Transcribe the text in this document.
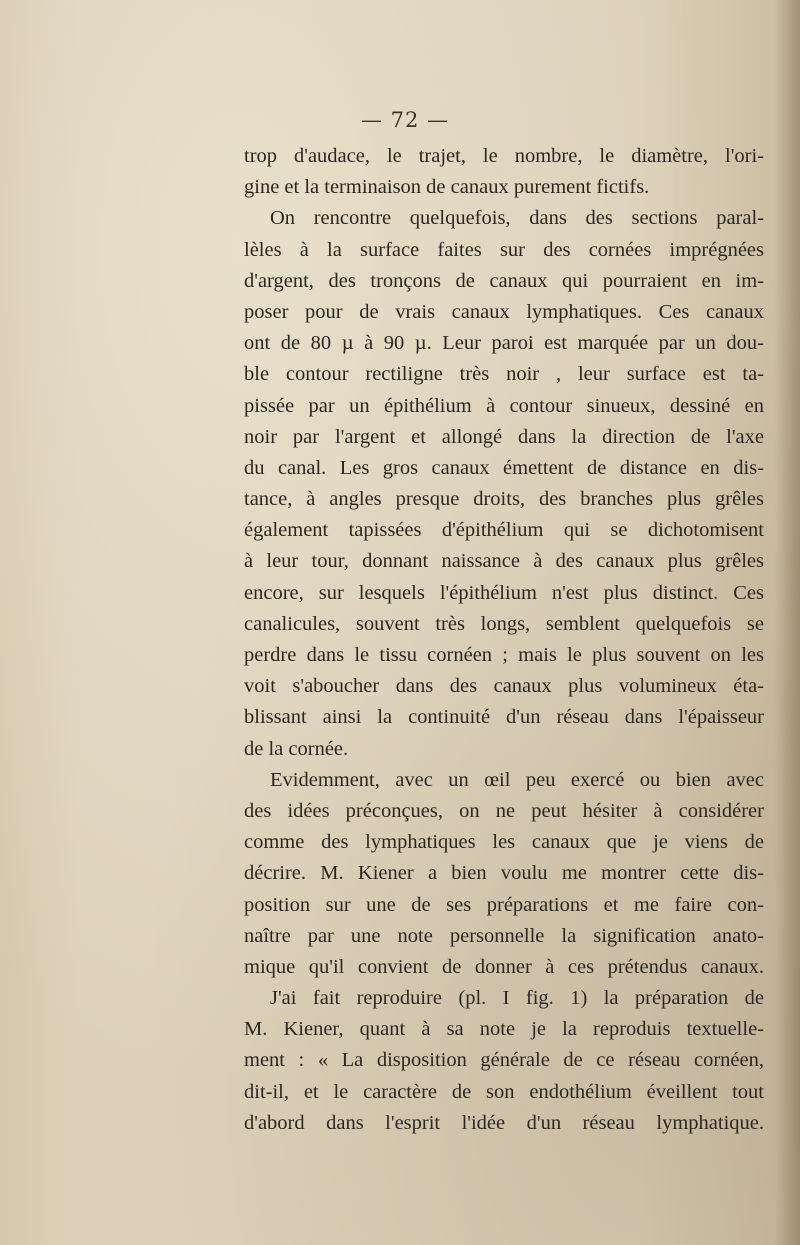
— 72 —
trop d'audace, le trajet, le nombre, le diamètre, l'ori-
gine et la terminaison de canaux purement fictifs.
On rencontre quelquefois, dans des sections paral-
lèles à la surface faites sur des cornées imprégnées
d'argent, des tronçons de canaux qui pourraient en im-
poser pour de vrais canaux lymphatiques. Ces canaux
ont de 80 µ à 90 µ. Leur paroi est marquée par un dou-
ble contour rectiligne très noir , leur surface est ta-
pissée par un épithélium à contour sinueux, dessiné en
noir par l'argent et allongé dans la direction de l'axe
du canal. Les gros canaux émettent de distance en dis-
tance, à angles presque droits, des branches plus grêles
également tapissées d'épithélium qui se dichotomisent
à leur tour, donnant naissance à des canaux plus grêles
encore, sur lesquels l'épithélium n'est plus distinct. Ces
canalicules, souvent très longs, semblent quelquefois se
perdre dans le tissu cornéen ; mais le plus souvent on les
voit s'aboucher dans des canaux plus volumineux éta-
blissant ainsi la continuité d'un réseau dans l'épaisseur
de la cornée.
Evidemment, avec un œil peu exercé ou bien avec
des idées préconçues, on ne peut hésiter à considérer
comme des lymphatiques les canaux que je viens de
décrire. M. Kiener a bien voulu me montrer cette dis-
position sur une de ses préparations et me faire con-
naître par une note personnelle la signification anato-
mique qu'il convient de donner à ces prétendus canaux.
J'ai fait reproduire (pl. I fig. 1) la préparation de
M. Kiener, quant à sa note je la reproduis textuelle-
ment : « La disposition générale de ce réseau cornéen,
dit-il, et le caractère de son endothélium éveillent tout
d'abord dans l'esprit l'idée d'un réseau lymphatique.
